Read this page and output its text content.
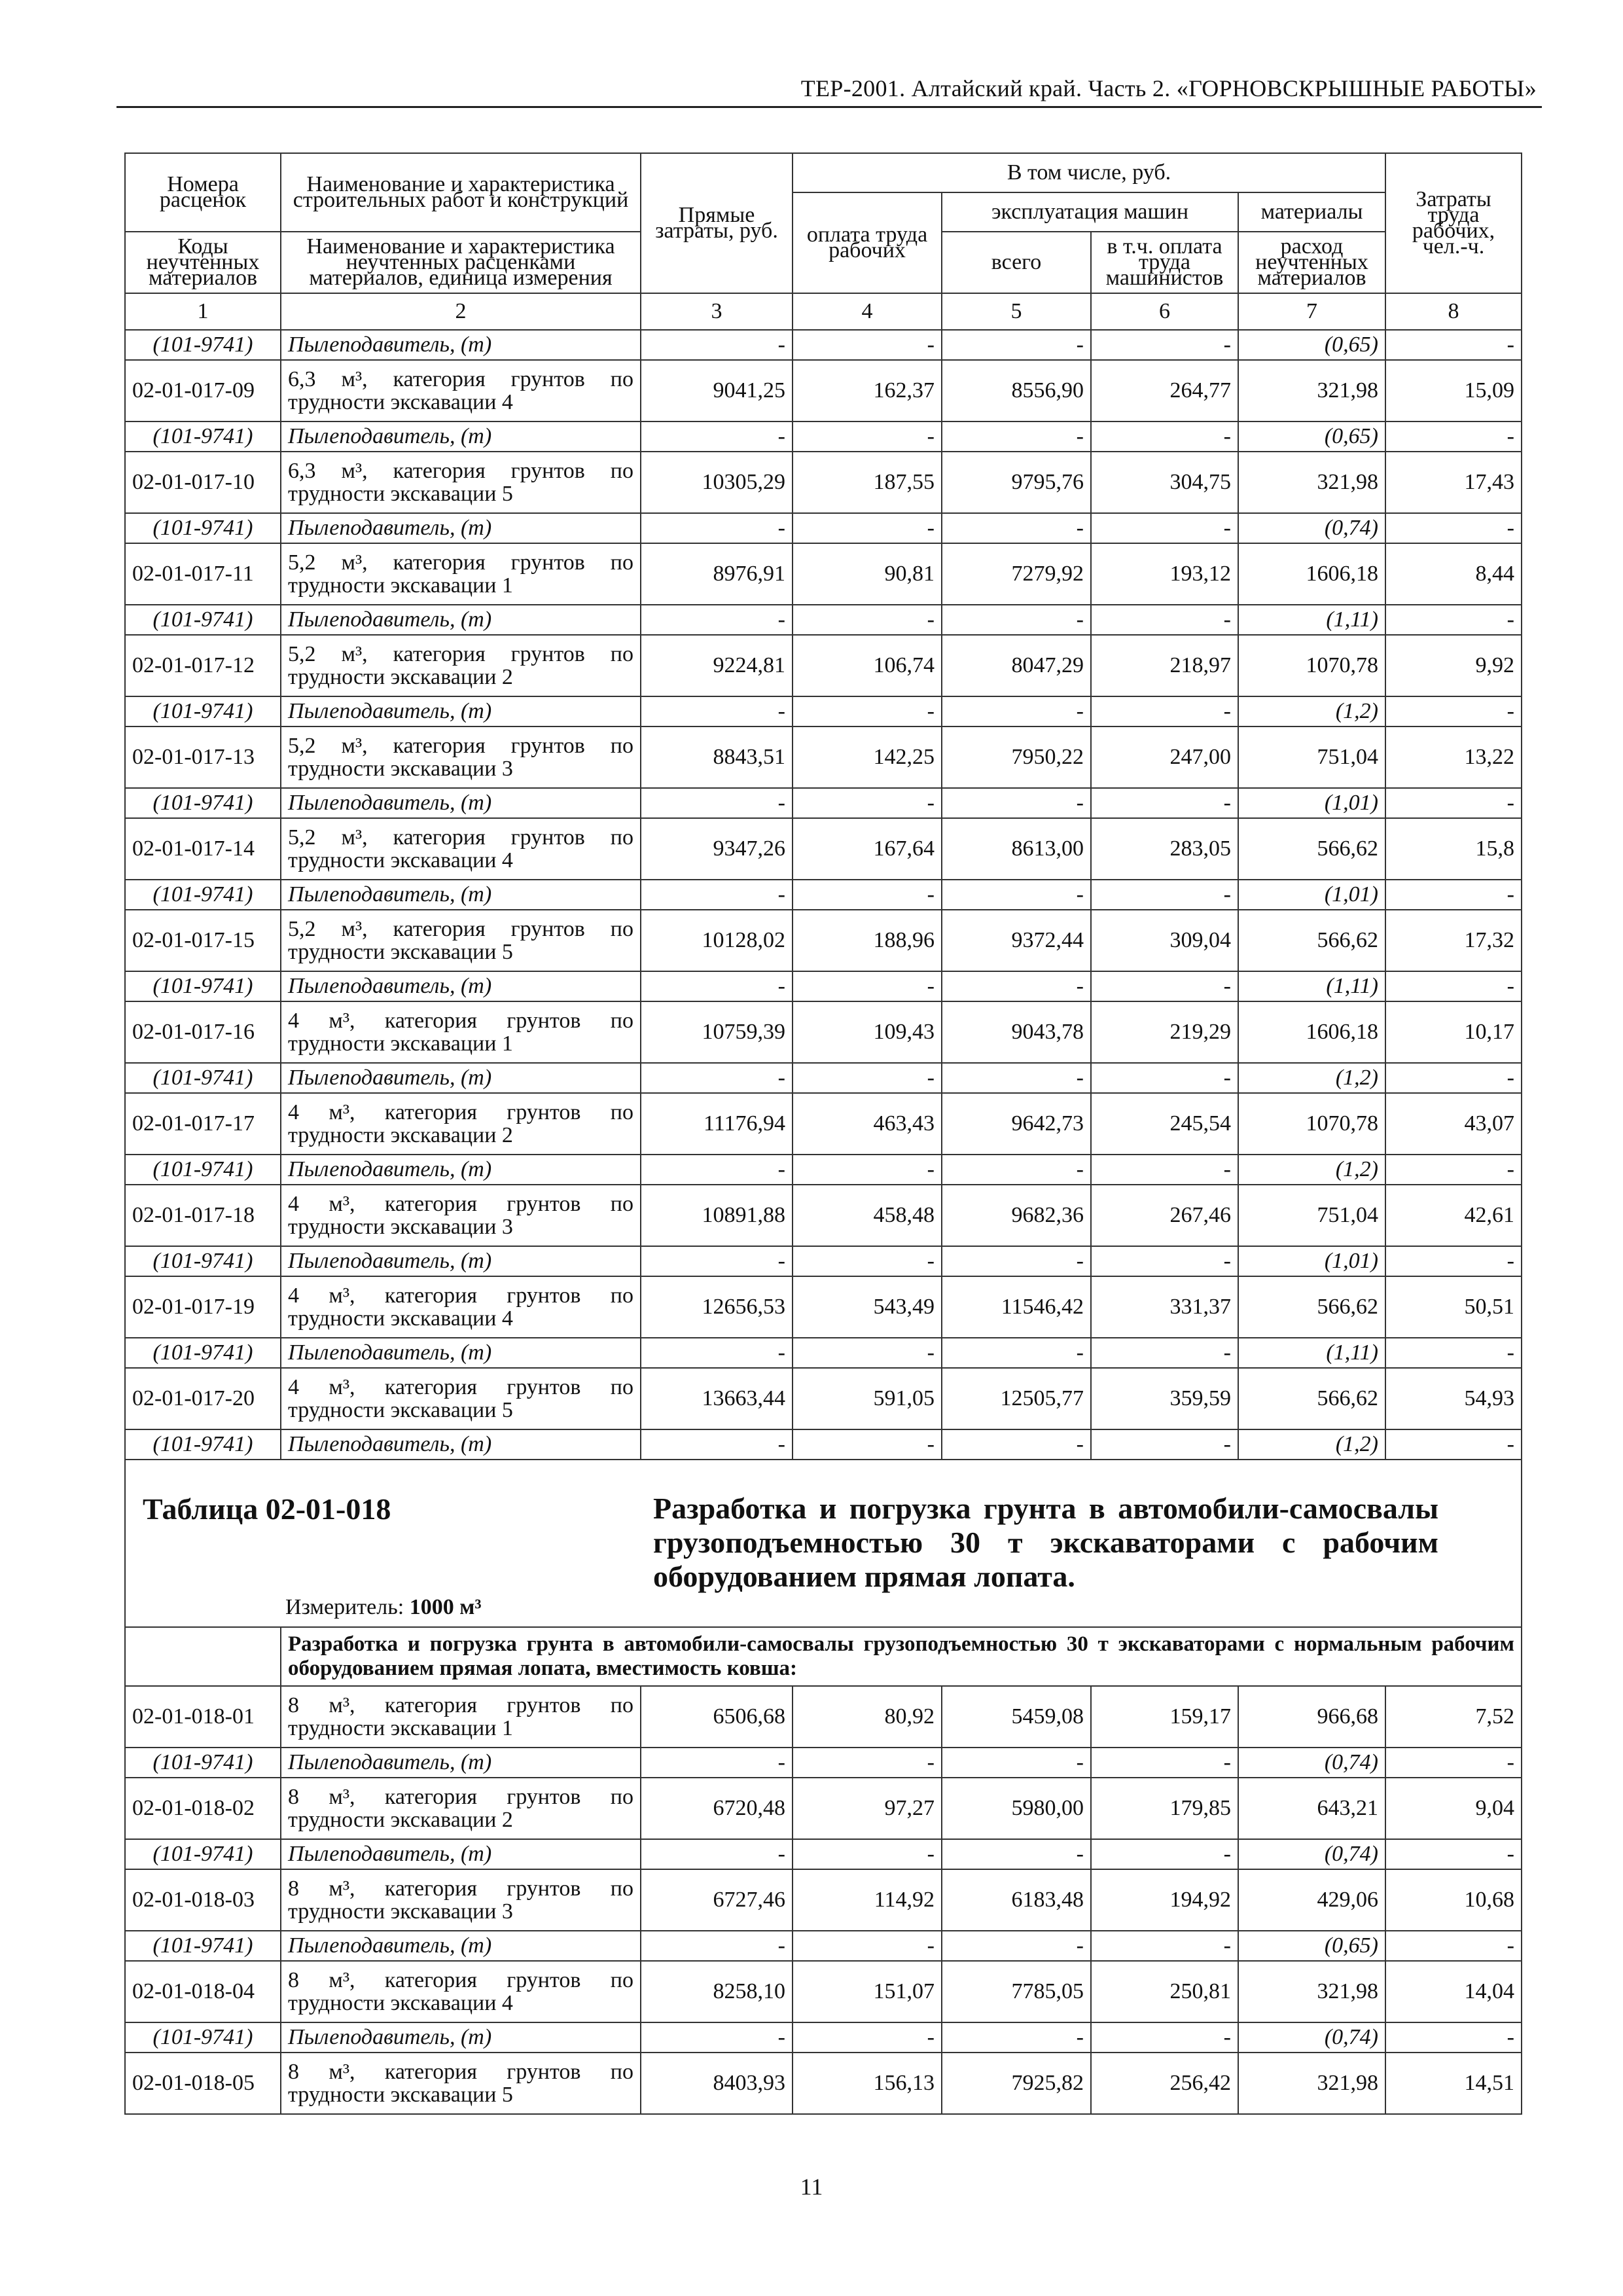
ТЕР-2001. Алтайский край. Часть 2. «ГОРНОВСКРЫШНЫЕ РАБОТЫ»
Номера расценок	Наименование и характеристика строительных работ и конструкций	Прямые затраты, руб.	В том числе, руб.				Затраты труда рабочих, чел.-ч.
			оплата труда рабочих	эксплуатация машин		материалы	
Коды неучтенных материалов	Наименование и характеристика неучтенных расценками материалов, единица измерения			всего	в т.ч. оплата труда машинистов	расход неучтенных материалов	
1	2	3	4	5	6	7	8
(101-9741)	Пылеподавитель, (т)	-	-	-	-	(0,65)	-
02-01-017-09	6,3 м³, категория грунтов по трудности экскавации 4	9041,25	162,37	8556,90	264,77	321,98	15,09
(101-9741)	Пылеподавитель, (т)	-	-	-	-	(0,65)	-
02-01-017-10	6,3 м³, категория грунтов по трудности экскавации 5	10305,29	187,55	9795,76	304,75	321,98	17,43
(101-9741)	Пылеподавитель, (т)	-	-	-	-	(0,74)	-
02-01-017-11	5,2 м³, категория грунтов по трудности экскавации 1	8976,91	90,81	7279,92	193,12	1606,18	8,44
(101-9741)	Пылеподавитель, (т)	-	-	-	-	(1,11)	-
02-01-017-12	5,2 м³, категория грунтов по трудности экскавации 2	9224,81	106,74	8047,29	218,97	1070,78	9,92
(101-9741)	Пылеподавитель, (т)	-	-	-	-	(1,2)	-
02-01-017-13	5,2 м³, категория грунтов по трудности экскавации 3	8843,51	142,25	7950,22	247,00	751,04	13,22
(101-9741)	Пылеподавитель, (т)	-	-	-	-	(1,01)	-
02-01-017-14	5,2 м³, категория грунтов по трудности экскавации 4	9347,26	167,64	8613,00	283,05	566,62	15,8
(101-9741)	Пылеподавитель, (т)	-	-	-	-	(1,01)	-
02-01-017-15	5,2 м³, категория грунтов по трудности экскавации 5	10128,02	188,96	9372,44	309,04	566,62	17,32
(101-9741)	Пылеподавитель, (т)	-	-	-	-	(1,11)	-
02-01-017-16	4 м³, категория грунтов по трудности экскавации 1	10759,39	109,43	9043,78	219,29	1606,18	10,17
(101-9741)	Пылеподавитель, (т)	-	-	-	-	(1,2)	-
02-01-017-17	4 м³, категория грунтов по трудности экскавации 2	11176,94	463,43	9642,73	245,54	1070,78	43,07
(101-9741)	Пылеподавитель, (т)	-	-	-	-	(1,2)	-
02-01-017-18	4 м³, категория грунтов по трудности экскавации 3	10891,88	458,48	9682,36	267,46	751,04	42,61
(101-9741)	Пылеподавитель, (т)	-	-	-	-	(1,01)	-
02-01-017-19	4 м³, категория грунтов по трудности экскавации 4	12656,53	543,49	11546,42	331,37	566,62	50,51
(101-9741)	Пылеподавитель, (т)	-	-	-	-	(1,11)	-
02-01-017-20	4 м³, категория грунтов по трудности экскавации 5	13663,44	591,05	12505,77	359,59	566,62	54,93
(101-9741)	Пылеподавитель, (т)	-	-	-	-	(1,2)	-

Таблица 02-01-018 Разработка и погрузка грунта в автомобили-самосвалы грузоподъемностью 30 т экскаваторами с рабочим оборудованием прямая лопата.
Измеритель: 1000 м³							

	Разработка и погрузка грунта в автомобили-самосвалы грузоподъемностью 30 т экскаваторами с нормальным рабочим оборудованием прямая лопата, вместимость ковша:						

02-01-018-01	8 м³, категория грунтов по трудности экскавации 1	6506,68	80,92	5459,08	159,17	966,68	7,52
(101-9741)	Пылеподавитель, (т)	-	-	-	-	(0,74)	-
02-01-018-02	8 м³, категория грунтов по трудности экскавации 2	6720,48	97,27	5980,00	179,85	643,21	9,04
(101-9741)	Пылеподавитель, (т)	-	-	-	-	(0,74)	-
02-01-018-03	8 м³, категория грунтов по трудности экскавации 3	6727,46	114,92	6183,48	194,92	429,06	10,68
(101-9741)	Пылеподавитель, (т)	-	-	-	-	(0,65)	-
02-01-018-04	8 м³, категория грунтов по трудности экскавации 4	8258,10	151,07	7785,05	250,81	321,98	14,04
(101-9741)	Пылеподавитель, (т)	-	-	-	-	(0,74)	-
02-01-018-05	8 м³, категория грунтов по трудности экскавации 5	8403,93	156,13	7925,82	256,42	321,98	14,51
11
